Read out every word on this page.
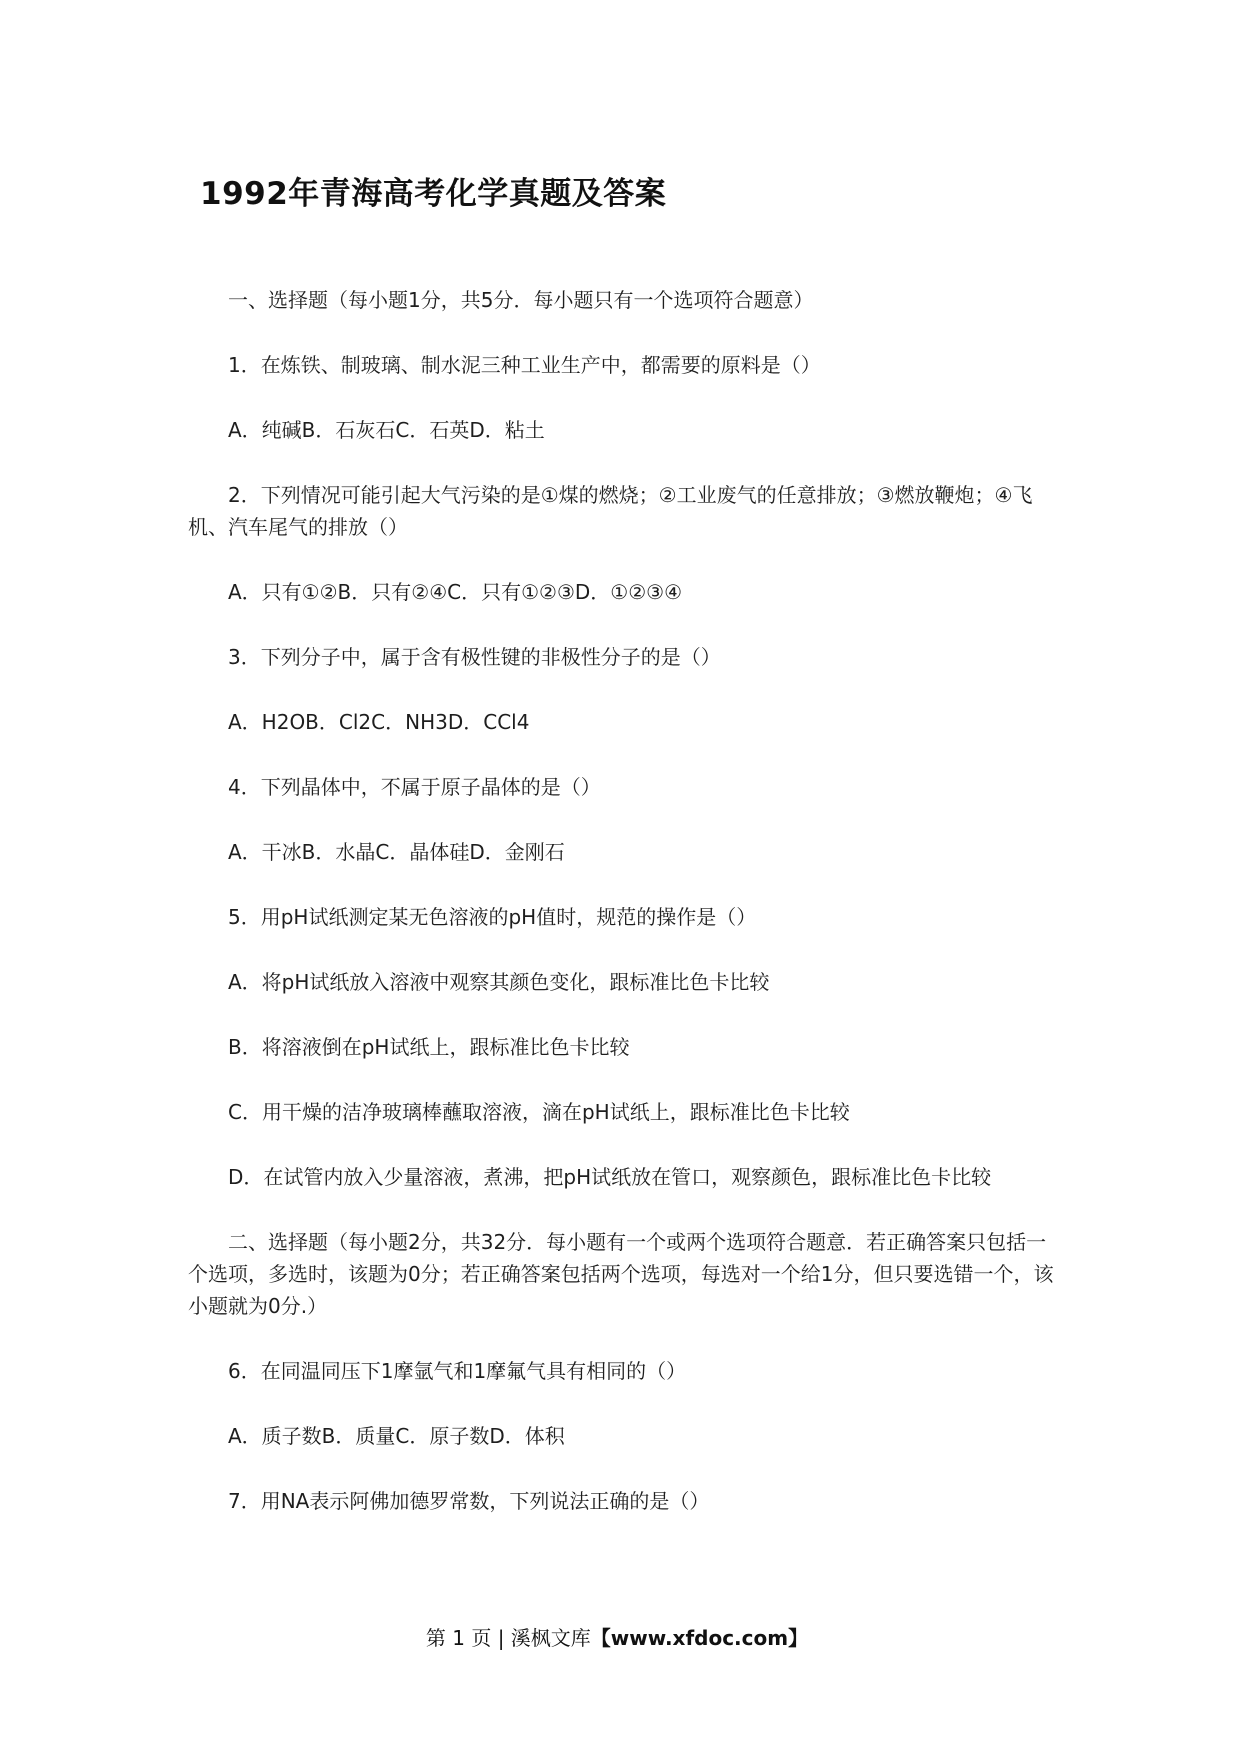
1992年青海高考化学真题及答案

一、选择题（每小题1分，共5分．每小题只有一个选项符合题意）

1．在炼铁、制玻璃、制水泥三种工业生产中，都需要的原料是（）

A．纯碱B．石灰石C．石英D．粘土

2．下列情况可能引起大气污染的是①煤的燃烧；②工业废气的任意排放；③燃放鞭炮；④飞机、汽车尾气的排放（）

A．只有①②B．只有②④C．只有①②③D．①②③④

3．下列分子中，属于含有极性键的非极性分子的是（）

A．H2OB．Cl2C．NH3D．CCl4

4．下列晶体中，不属于原子晶体的是（）

A．干冰B．水晶C．晶体硅D．金刚石

5．用pH试纸测定某无色溶液的pH值时，规范的操作是（）

A．将pH试纸放入溶液中观察其颜色变化，跟标准比色卡比较

B．将溶液倒在pH试纸上，跟标准比色卡比较

C．用干燥的洁净玻璃棒蘸取溶液，滴在pH试纸上，跟标准比色卡比较

D．在试管内放入少量溶液，煮沸，把pH试纸放在管口，观察颜色，跟标准比色卡比较

二、选择题（每小题2分，共32分．每小题有一个或两个选项符合题意．若正确答案只包括一个选项，多选时，该题为0分；若正确答案包括两个选项，每选对一个给1分，但只要选错一个，该小题就为0分.）

6．在同温同压下1摩氩气和1摩氟气具有相同的（）

A．质子数B．质量C．原子数D．体积

7．用NA表示阿佛加德罗常数，下列说法正确的是（）

第 1 页 | 溪枫文库【www.xfdoc.com】
